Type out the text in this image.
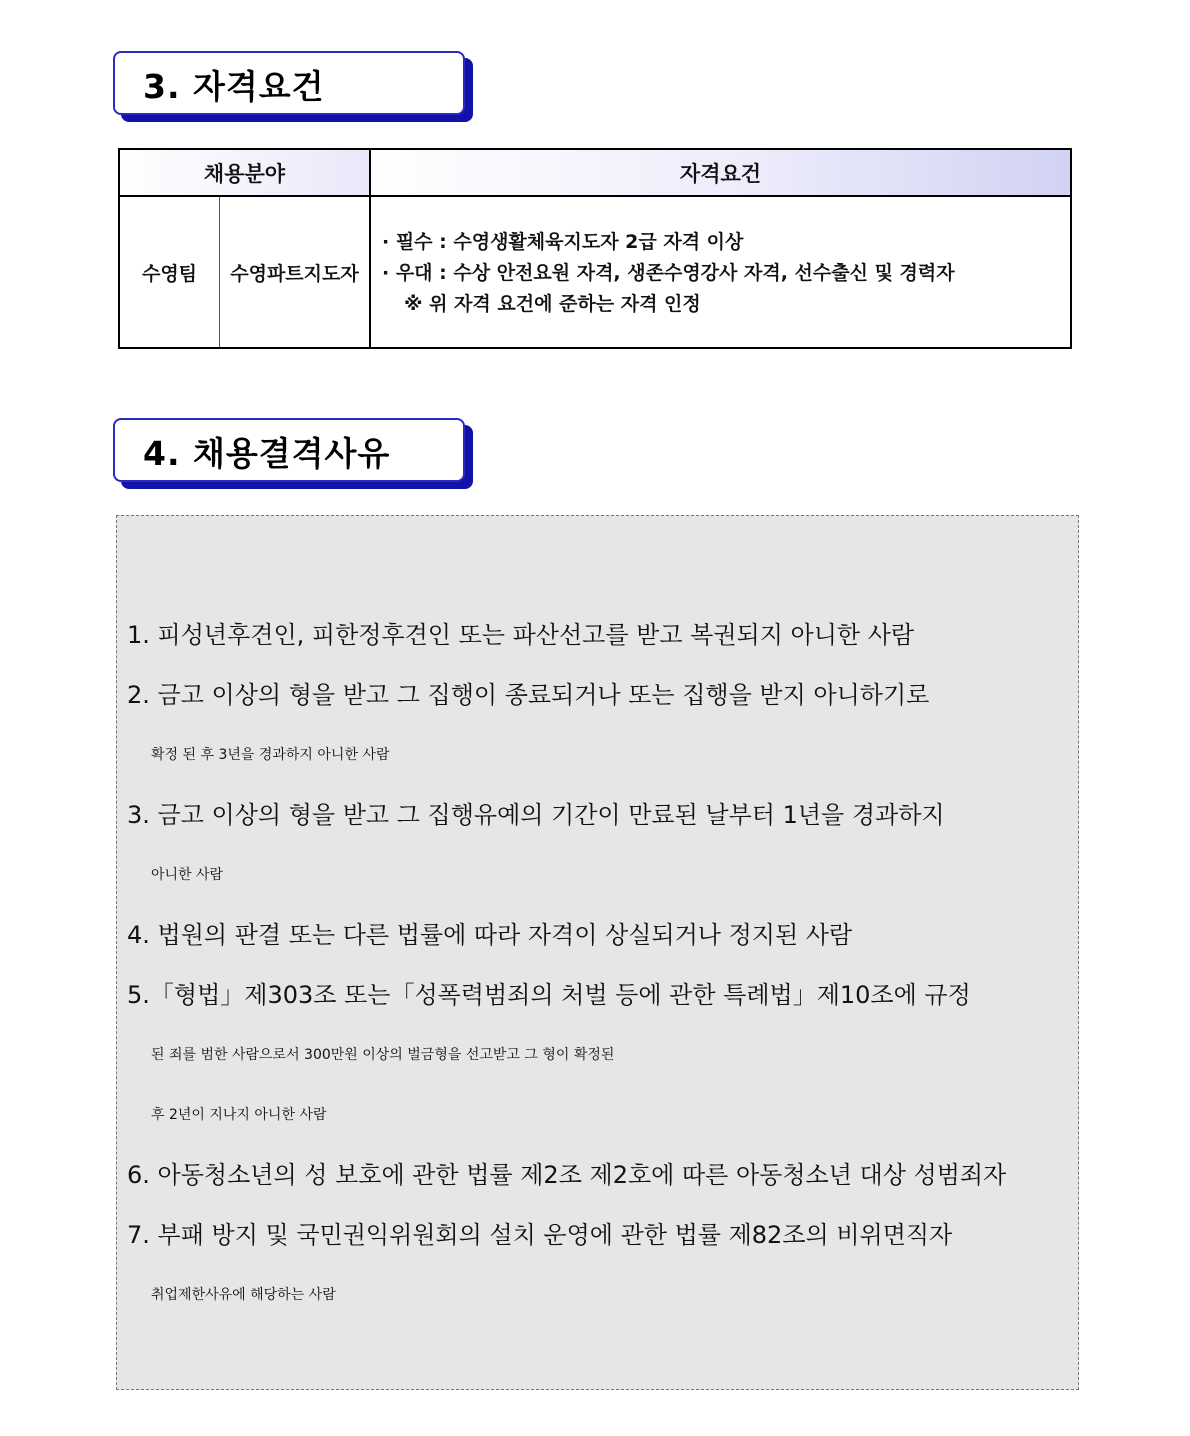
3. 자격요건
채용분야	자격요건
수영팀	수영파트지도자
· 필수 : 수영생활체육지도자 2급 자격 이상
· 우대 : 수상 안전요원 자격, 생존수영강사 자격, 선수출신 및 경력자
※ 위 자격 요건에 준하는 자격 인정
4. 채용결격사유
1. 피성년후견인, 피한정후견인 또는 파산선고를 받고 복권되지 아니한 사람
2. 금고 이상의 형을 받고 그 집행이 종료되거나 또는 집행을 받지 아니하기로
확정 된 후 3년을 경과하지 아니한 사람
3. 금고 이상의 형을 받고 그 집행유예의 기간이 만료된 날부터 1년을 경과하지
아니한 사람
4. 법원의 판결 또는 다른 법률에 따라 자격이 상실되거나 정지된 사람
5.「형법」제303조 또는「성폭력범죄의 처벌 등에 관한 특례법」제10조에 규정
된 죄를 범한 사람으로서 300만원 이상의 벌금형을 선고받고 그 형이 확정된
후 2년이 지나지 아니한 사람
6. 아동청소년의 성 보호에 관한 법률 제2조 제2호에 따른 아동청소년 대상 성범죄자
7. 부패 방지 및 국민권익위원회의 설치 운영에 관한 법률 제82조의 비위면직자
취업제한사유에 해당하는 사람
